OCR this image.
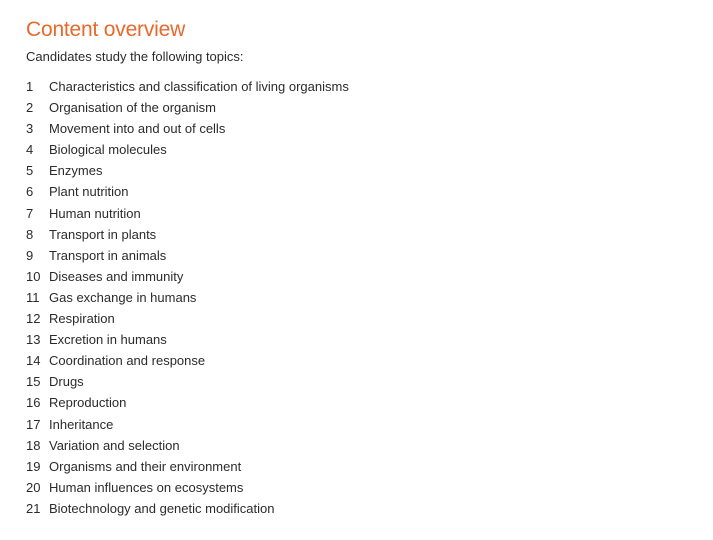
Content overview
Candidates study the following topics:
1	Characteristics and classification of living organisms
2	Organisation of the organism
3	Movement into and out of cells
4	Biological molecules
5	Enzymes
6	Plant nutrition
7	Human nutrition
8	Transport in plants
9	Transport in animals
10 Diseases and immunity
11 Gas exchange in humans
12 Respiration
13 Excretion in humans
14 Coordination and response
15 Drugs
16 Reproduction
17 Inheritance
18 Variation and selection
19 Organisms and their environment
20 Human influences on ecosystems
21 Biotechnology and genetic modification
